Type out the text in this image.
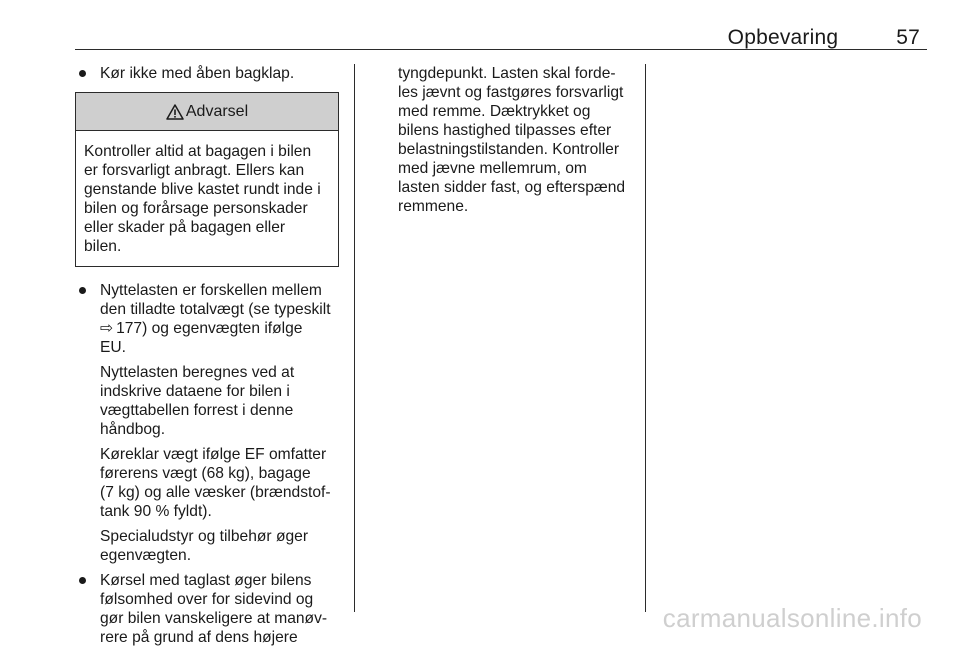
Opbevaring	57
Kør ikke med åben bagklap.
Advarsel
Kontroller altid at bagagen i bilen
er forsvarligt anbragt. Ellers kan
genstande blive kastet rundt inde i
bilen og forårsage personskader
eller skader på bagagen eller
bilen.
Nyttelasten er forskellen mellem
den tilladte totalvægt (se typeskilt
⇨ 177) og egenvægten ifølge
EU.
Nyttelasten beregnes ved at
indskrive dataene for bilen i
vægttabellen forrest i denne
håndbog.
Køreklar vægt ifølge EF omfatter
førerens vægt (68 kg), bagage
(7 kg) og alle væsker (brændstof-
tank 90 % fyldt).
Specialudstyr og tilbehør øger
egenvægten.
Kørsel med taglast øger bilens
følsomhed over for sidevind og
gør bilen vanskeligere at manøv-
rere på grund af dens højere
tyngdepunkt. Lasten skal forde-
les jævnt og fastgøres forsvarligt
med remme. Dæktrykket og
bilens hastighed tilpasses efter
belastningstilstanden. Kontroller
med jævne mellemrum, om
lasten sidder fast, og efterspænd
remmene.
carmanualsonline.info
